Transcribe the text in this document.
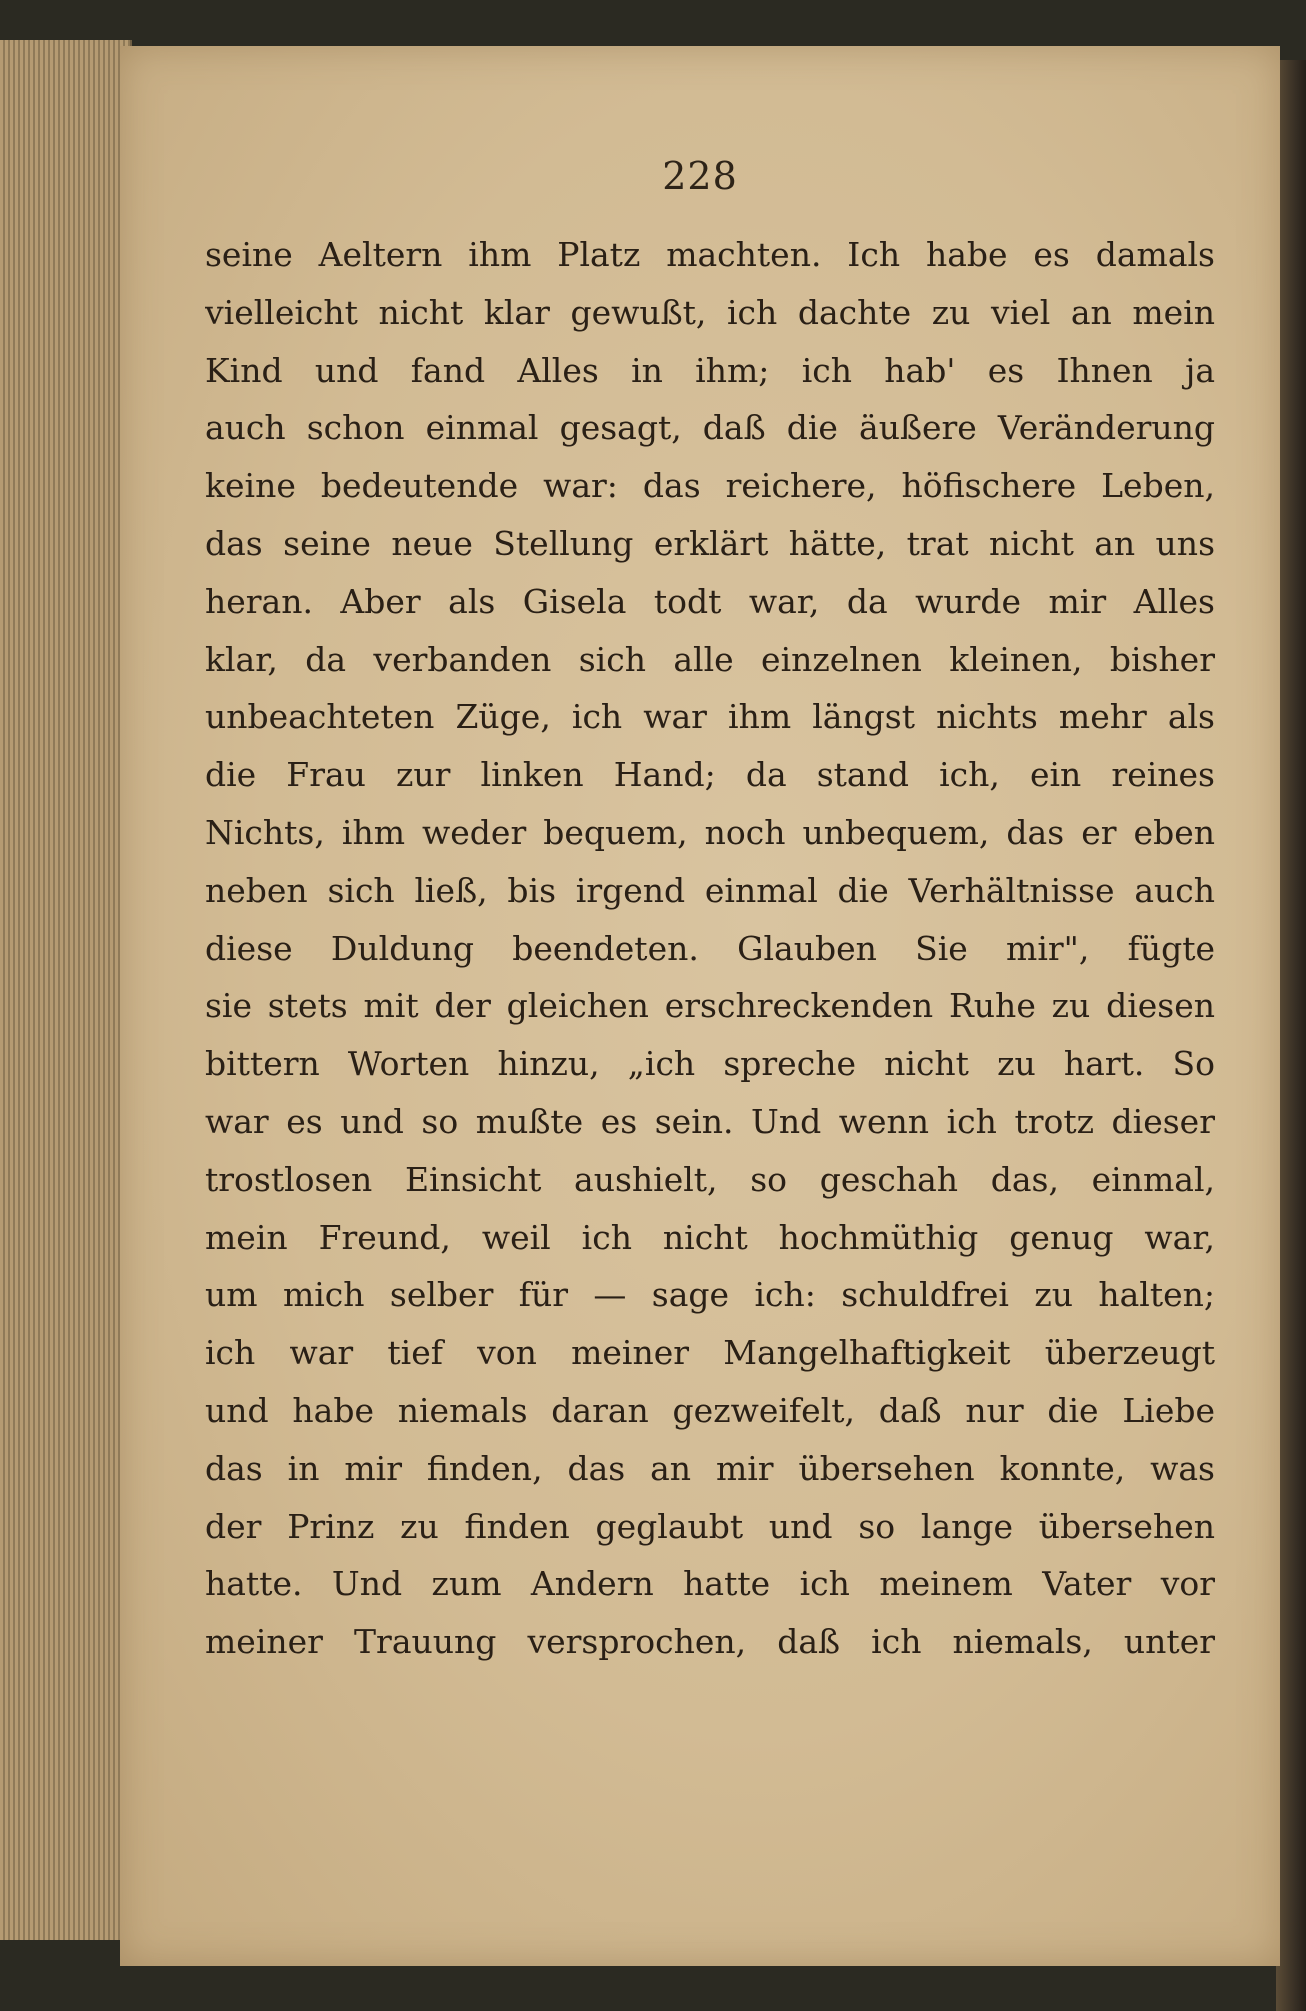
228
seine Aeltern ihm Platz machten. Ich habe es damals
vielleicht nicht klar gewußt, ich dachte zu viel an mein
Kind und fand Alles in ihm; ich hab' es Ihnen ja
auch schon einmal gesagt, daß die äußere Veränderung
keine bedeutende war: das reichere, höfischere Leben,
das seine neue Stellung erklärt hätte, trat nicht an uns
heran. Aber als Gisela todt war, da wurde mir Alles
klar, da verbanden sich alle einzelnen kleinen, bisher
unbeachteten Züge, ich war ihm längst nichts mehr als
die Frau zur linken Hand; da stand ich, ein reines
Nichts, ihm weder bequem, noch unbequem, das er eben
neben sich ließ, bis irgend einmal die Verhältnisse auch
diese Duldung beendeten. Glauben Sie mir", fügte
sie stets mit der gleichen erschreckenden Ruhe zu diesen
bittern Worten hinzu, „ich spreche nicht zu hart. So
war es und so mußte es sein. Und wenn ich trotz dieser
trostlosen Einsicht aushielt, so geschah das, einmal,
mein Freund, weil ich nicht hochmüthig genug war,
um mich selber für — sage ich: schuldfrei zu halten;
ich war tief von meiner Mangelhaftigkeit überzeugt
und habe niemals daran gezweifelt, daß nur die Liebe
das in mir finden, das an mir übersehen konnte, was
der Prinz zu finden geglaubt und so lange übersehen
hatte. Und zum Andern hatte ich meinem Vater vor
meiner Trauung versprochen, daß ich niemals, unter
